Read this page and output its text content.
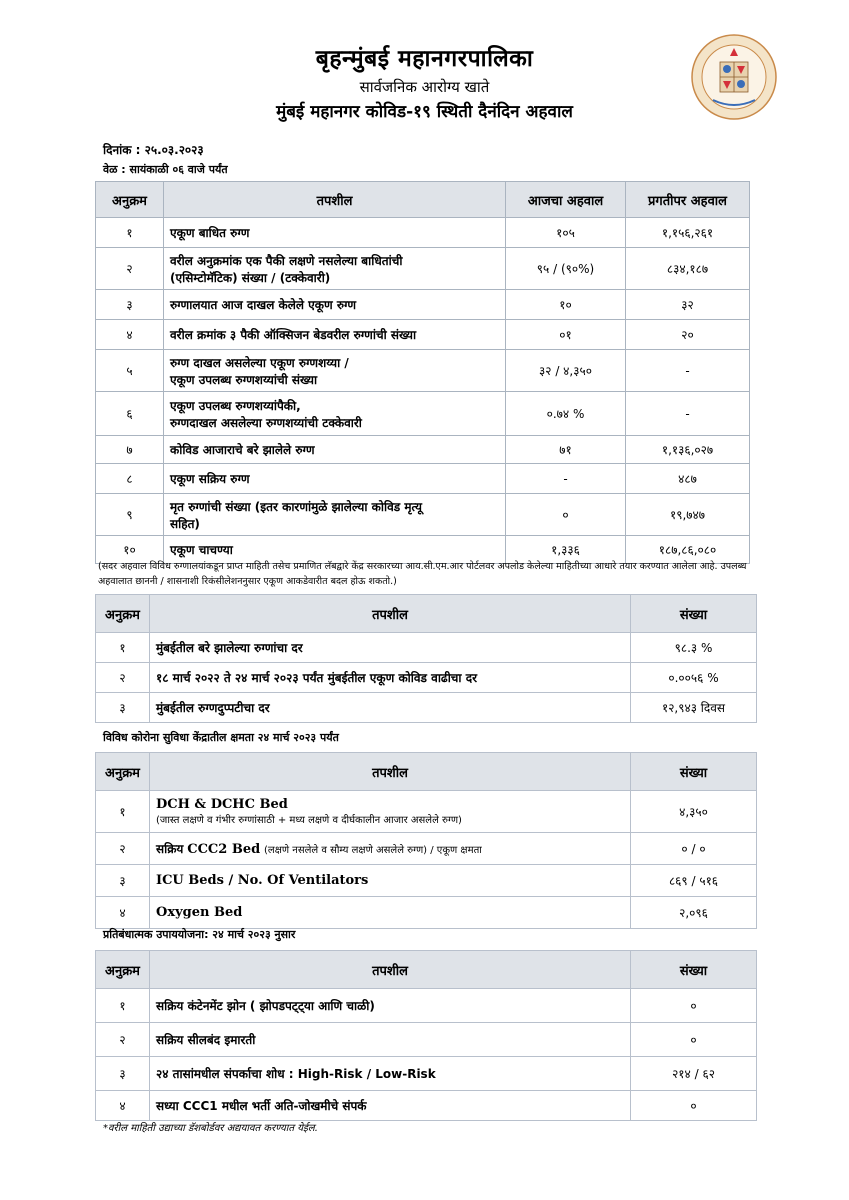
बृहन्मुंबई महानगरपालिका
सार्वजनिक आरोग्य खाते
मुंबई महानगर कोविड-१९ स्थिती दैनंदिन अहवाल
दिनांक : २५.०३.२०२३
वेळ : सायंकाळी ०६ वाजे पर्यंत
अनुक्रम	तपशील	आजचा अहवाल	प्रगतीपर अहवाल
१	एकूण बाधित रुग्ण	१०५	१,१५६,२६१
२	वरील अनुक्रमांक एक पैकी लक्षणे नसलेल्या बाधितांची
(एसिम्टोमॅटिक) संख्या / (टक्केवारी)	९५ / (९०%)	८३४,१८७
३	रुग्णालयात आज दाखल केलेले एकूण रुग्ण	१०	३२
४	वरील क्रमांक ३ पैकी ऑक्सिजन बेडवरील रुग्णांची संख्या	०१	२०
५	रुग्ण दाखल असलेल्या एकूण रुग्णशय्या /
एकूण उपलब्ध रुग्णशय्यांची संख्या	३२ / ४,३५०	-
६	एकूण उपलब्ध रुग्णशय्यांपैकी,
रुग्णदाखल असलेल्या रुग्णशय्यांची टक्केवारी	०.७४ %	-
७	कोविड आजाराचे बरे झालेले रुग्ण	७१	१,१३६,०२७
८	एकूण सक्रिय रुग्ण	-	४८७
९	मृत रुग्णांची संख्या (इतर कारणांमुळे झालेल्या कोविड मृत्यू
सहित)	०	१९,७४७
१०	एकूण चाचण्या	१,३३६	१८७,८६,०८०
(सदर अहवाल विविध रुग्णालयांकडून प्राप्त माहिती तसेच प्रमाणित लॅबद्वारे केंद्र सरकारच्या आय.सी.एम.आर पोर्टलवर अपलोड केलेल्या माहितीच्या आधारे तयार करण्यात आलेला आहे. उपलब्ध अहवालात छाननी / शासनाशी रिकंसीलेशननुसार एकूण आकडेवारीत बदल होऊ शकतो.)
अनुक्रम	तपशील	संख्या
१	मुंबईतील बरे झालेल्या रुग्णांचा दर	९८.३ %
२	१८ मार्च २०२२ ते २४ मार्च २०२३ पर्यंत मुंबईतील एकूण कोविड वाढीचा दर	०.००५६ %
३	मुंबईतील रुग्णदुप्पटीचा दर	१२,९४३ दिवस
विविध कोरोना सुविधा केंद्रातील क्षमता २४ मार्च २०२३ पर्यंत
अनुक्रम	तपशील	संख्या
१	DCH & DCHC Bed
(जास्त लक्षणे व गंभीर रुग्णांसाठी + मध्य लक्षणे व दीर्घकालीन आजार असलेले रुग्ण)	४,३५०
२	सक्रिय CCC2 Bed (लक्षणे नसलेले व सौम्य लक्षणे असलेले रुग्ण) / एकूण क्षमता	० / ०
३	ICU Beds / No. Of Ventilators	८६९ / ५१६
४	Oxygen Bed	२,०९६
प्रतिबंधात्मक उपाययोजना: २४ मार्च २०२३ नुसार
अनुक्रम	तपशील	संख्या
१	सक्रिय कंटेनमेंट झोन ( झोपडपट्ट्या आणि चाळी)	०
२	सक्रिय सीलबंद इमारती	०
३	२४ तासांमधील संपर्काचा शोध : High-Risk / Low-Risk	२१४ / ६२
४	सध्या CCC1 मधील भर्ती अति-जोखमीचे संपर्क	०
*वरील माहिती उद्याच्या डॅशबोर्डवर अद्ययावत करण्यात येईल.
